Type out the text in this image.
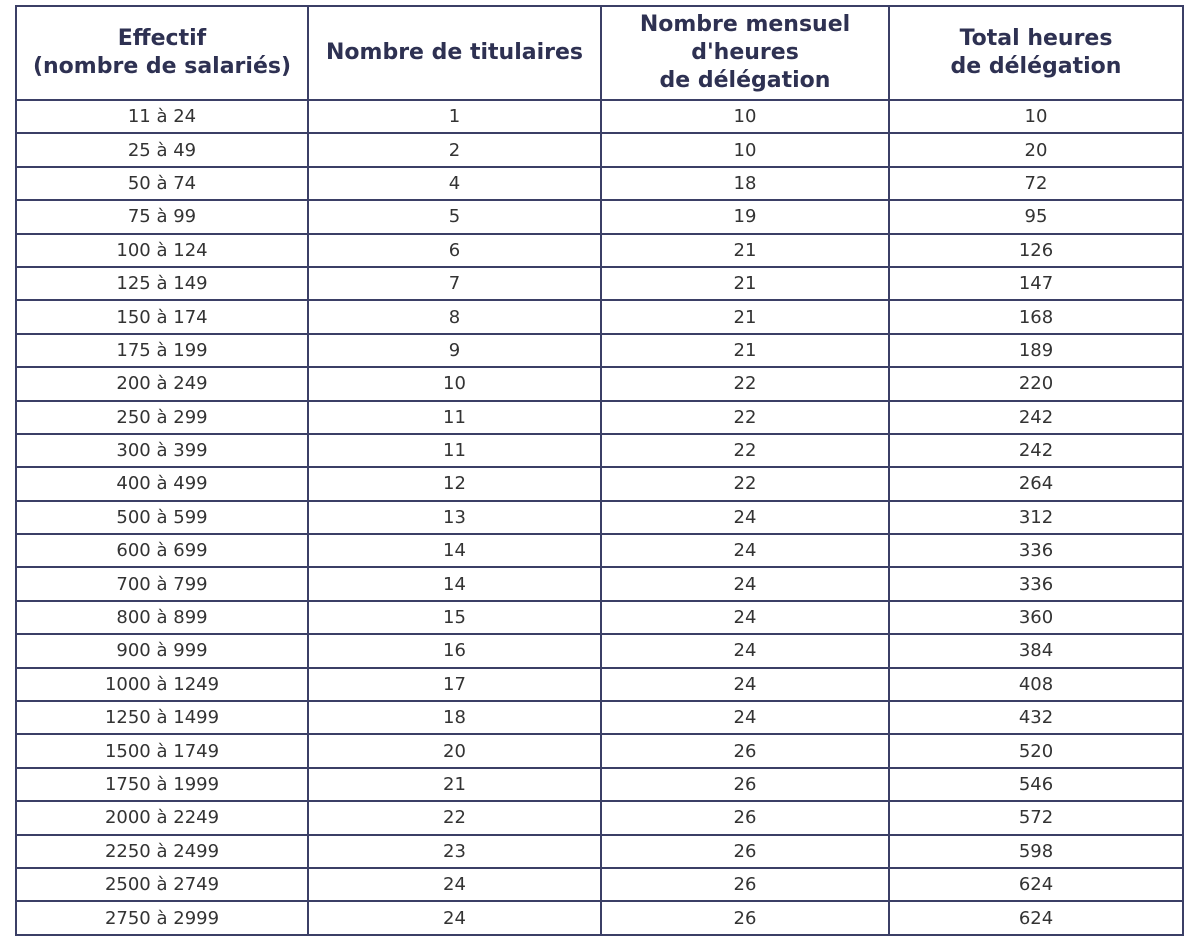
Effectif
(nombre de salariés)	Nombre de titulaires	Nombre mensuel
d'heures
de délégation	Total heures
de délégation

11 à 24	1	10	10
25 à 49	2	10	20
50 à 74	4	18	72
75 à 99	5	19	95
100 à 124	6	21	126
125 à 149	7	21	147
150 à 174	8	21	168
175 à 199	9	21	189
200 à 249	10	22	220
250 à 299	11	22	242
300 à 399	11	22	242
400 à 499	12	22	264
500 à 599	13	24	312
600 à 699	14	24	336
700 à 799	14	24	336
800 à 899	15	24	360
900 à 999	16	24	384
1000 à 1249	17	24	408
1250 à 1499	18	24	432
1500 à 1749	20	26	520
1750 à 1999	21	26	546
2000 à 2249	22	26	572
2250 à 2499	23	26	598
2500 à 2749	24	26	624
2750 à 2999	24	26	624
